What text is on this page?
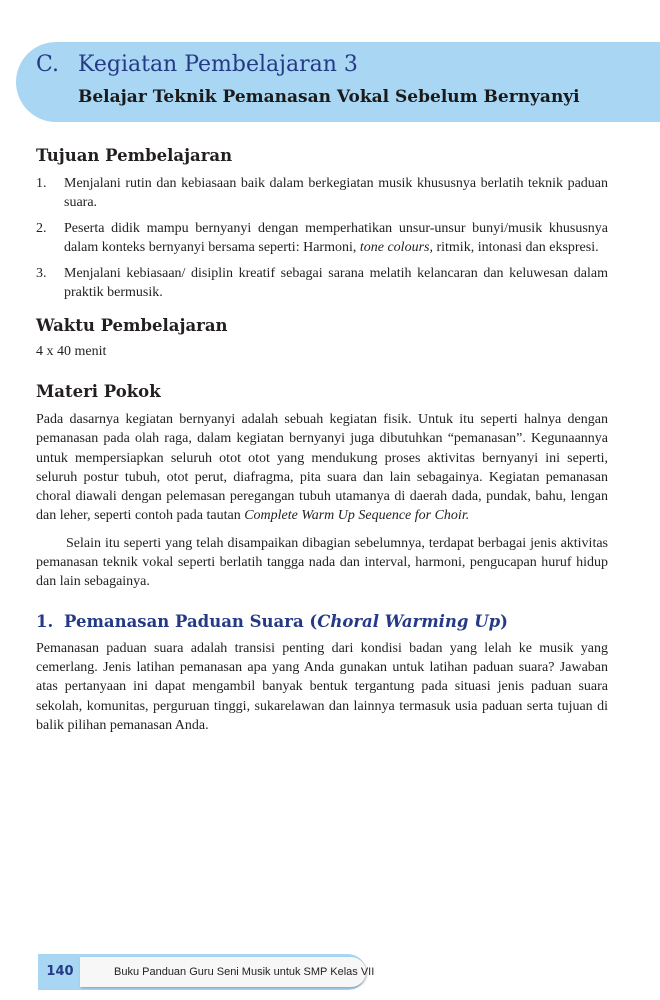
C. Kegiatan Pembelajaran 3
Belajar Teknik Pemanasan Vokal Sebelum Bernyanyi
Tujuan Pembelajaran
1. Menjalani rutin dan kebiasaan baik dalam berkegiatan musik khususnya berlatih teknik paduan suara.
2. Peserta didik mampu bernyanyi dengan memperhatikan unsur-unsur bunyi/musik khususnya dalam konteks bernyanyi bersama seperti: Harmoni, tone colours, ritmik, intonasi dan ekspresi.
3. Menjalani kebiasaan/ disiplin kreatif sebagai sarana melatih kelancaran dan keluwesan dalam praktik bermusik.
Waktu Pembelajaran

4 x 40 menit

Materi Pokok

Pada dasarnya kegiatan bernyanyi adalah sebuah kegiatan fisik. Untuk itu seperti halnya dengan pemanasan pada olah raga, dalam kegiatan bernyanyi juga dibutuhkan “pemanasan”. Kegunaannya untuk mempersiapkan seluruh otot otot yang mendukung proses aktivitas bernyanyi ini seperti, seluruh postur tubuh, otot perut, diafragma, pita suara dan lain sebagainya. Kegiatan pemanasan choral diawali dengan pelemasan peregangan tubuh utamanya di daerah dada, pundak, bahu, lengan dan leher, seperti contoh pada tautan Complete Warm Up Sequence for Choir.

Selain itu seperti yang telah disampaikan dibagian sebelumnya, terdapat berbagai jenis aktivitas pemanasan teknik vokal seperti berlatih tangga nada dan interval, harmoni, pengucapan huruf hidup dan lain sebagainya.

1. Pemanasan Paduan Suara (Choral Warming Up)

Pemanasan paduan suara adalah transisi penting dari kondisi badan yang lelah ke musik yang cemerlang. Jenis latihan pemanasan apa yang Anda gunakan untuk latihan paduan suara? Jawaban atas pertanyaan ini dapat mengambil banyak bentuk tergantung pada situasi jenis paduan suara sekolah, komunitas, perguruan tinggi, sukarelawan dan lainnya termasuk usia paduan serta tujuan di balik pilihan pemanasan Anda.

140	Buku Panduan Guru Seni Musik untuk SMP Kelas VII
